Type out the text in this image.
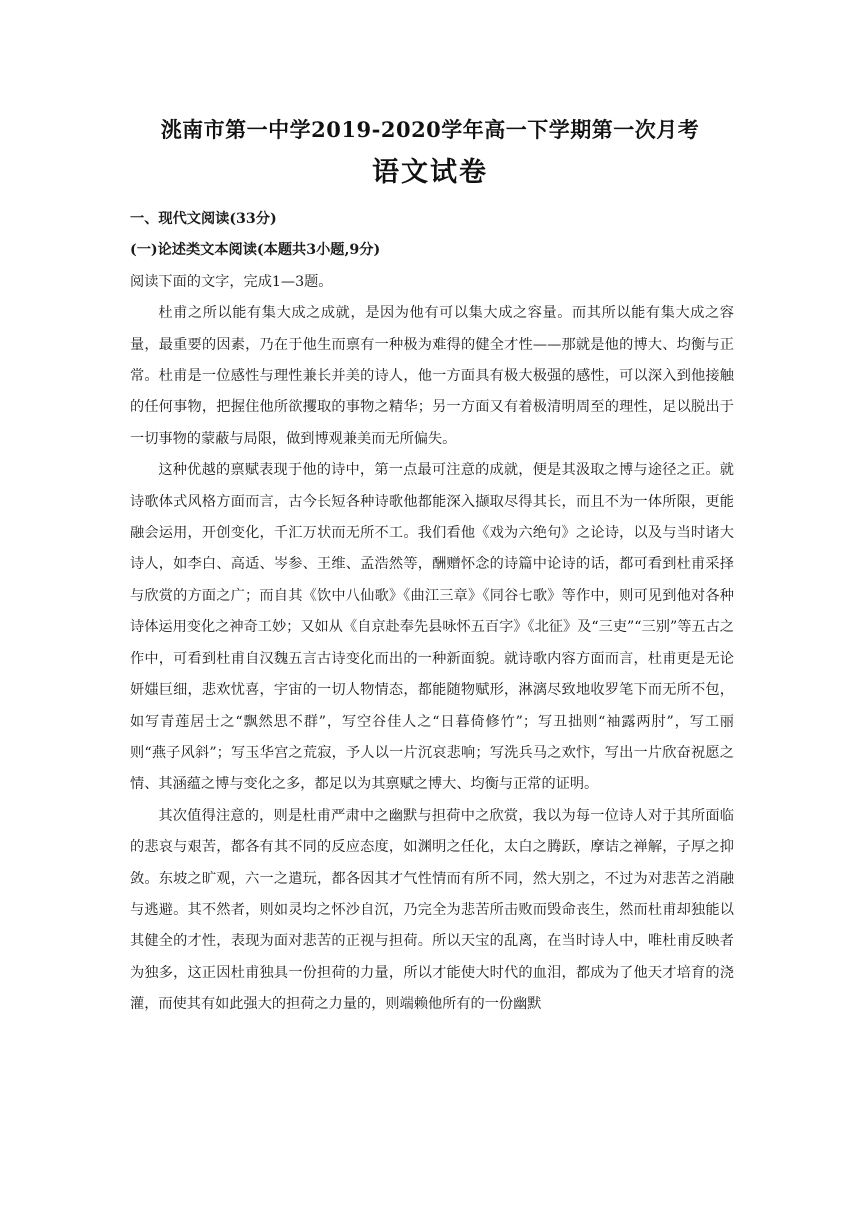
洮南市第一中学2019-2020学年高一下学期第一次月考
语文试卷

一、现代文阅读(33分)

(一)论述类文本阅读(本题共3小题,9分)

阅读下面的文字，完成1—3题。

杜甫之所以能有集大成之成就，是因为他有可以集大成之容量。而其所以能有集大成之容量，最重要的因素，乃在于他生而禀有一种极为难得的健全才性——那就是他的博大、均衡与正常。杜甫是一位感性与理性兼长并美的诗人，他一方面具有极大极强的感性，可以深入到他接触的任何事物，把握住他所欲攫取的事物之精华；另一方面又有着极清明周至的理性，足以脱出于一切事物的蒙蔽与局限，做到博观兼美而无所偏失。

这种优越的禀赋表现于他的诗中，第一点最可注意的成就，便是其汲取之博与途径之正。就诗歌体式风格方面而言，古今长短各种诗歌他都能深入撷取尽得其长，而且不为一体所限，更能融会运用，开创变化，千汇万状而无所不工。我们看他《戏为六绝句》之论诗，以及与当时诸大诗人，如李白、高适、岑参、王维、孟浩然等，酬赠怀念的诗篇中论诗的话，都可看到杜甫采择与欣赏的方面之广；而自其《饮中八仙歌》《曲江三章》《同谷七歌》等作中，则可见到他对各种诗体运用变化之神奇工妙；又如从《自京赴奉先县咏怀五百字》《北征》及“三吏”“三别”等五古之作中，可看到杜甫自汉魏五言古诗变化而出的一种新面貌。就诗歌内容方面而言，杜甫更是无论妍媸巨细，悲欢忧喜，宇宙的一切人物情态，都能随物赋形，淋漓尽致地收罗笔下而无所不包，如写青莲居士之“飘然思不群”，写空谷佳人之“日暮倚修竹”；写丑拙则“袖露两肘”，写工丽则“燕子风斜”；写玉华宫之荒寂，予人以一片沉哀悲响；写洗兵马之欢忭，写出一片欣奋祝愿之情、其涵蕴之博与变化之多，都足以为其禀赋之博大、均衡与正常的证明。

其次值得注意的，则是杜甫严肃中之幽默与担荷中之欣赏，我以为每一位诗人对于其所面临的悲哀与艰苦，都各有其不同的反应态度，如渊明之任化，太白之腾跃，摩诘之禅解，子厚之抑敛。东坡之旷观，六一之遣玩，都各因其才气性情而有所不同，然大别之，不过为对悲苦之消融与逃避。其不然者，则如灵均之怀沙自沉，乃完全为悲苦所击败而毁命丧生，然而杜甫却独能以其健全的才性，表现为面对悲苦的正视与担荷。所以天宝的乱离，在当时诗人中，唯杜甫反映者为独多，这正因杜甫独具一份担荷的力量，所以才能使大时代的血泪，都成为了他天才培育的浇灌，而使其有如此强大的担荷之力量的，则端赖他所有的一份幽默
